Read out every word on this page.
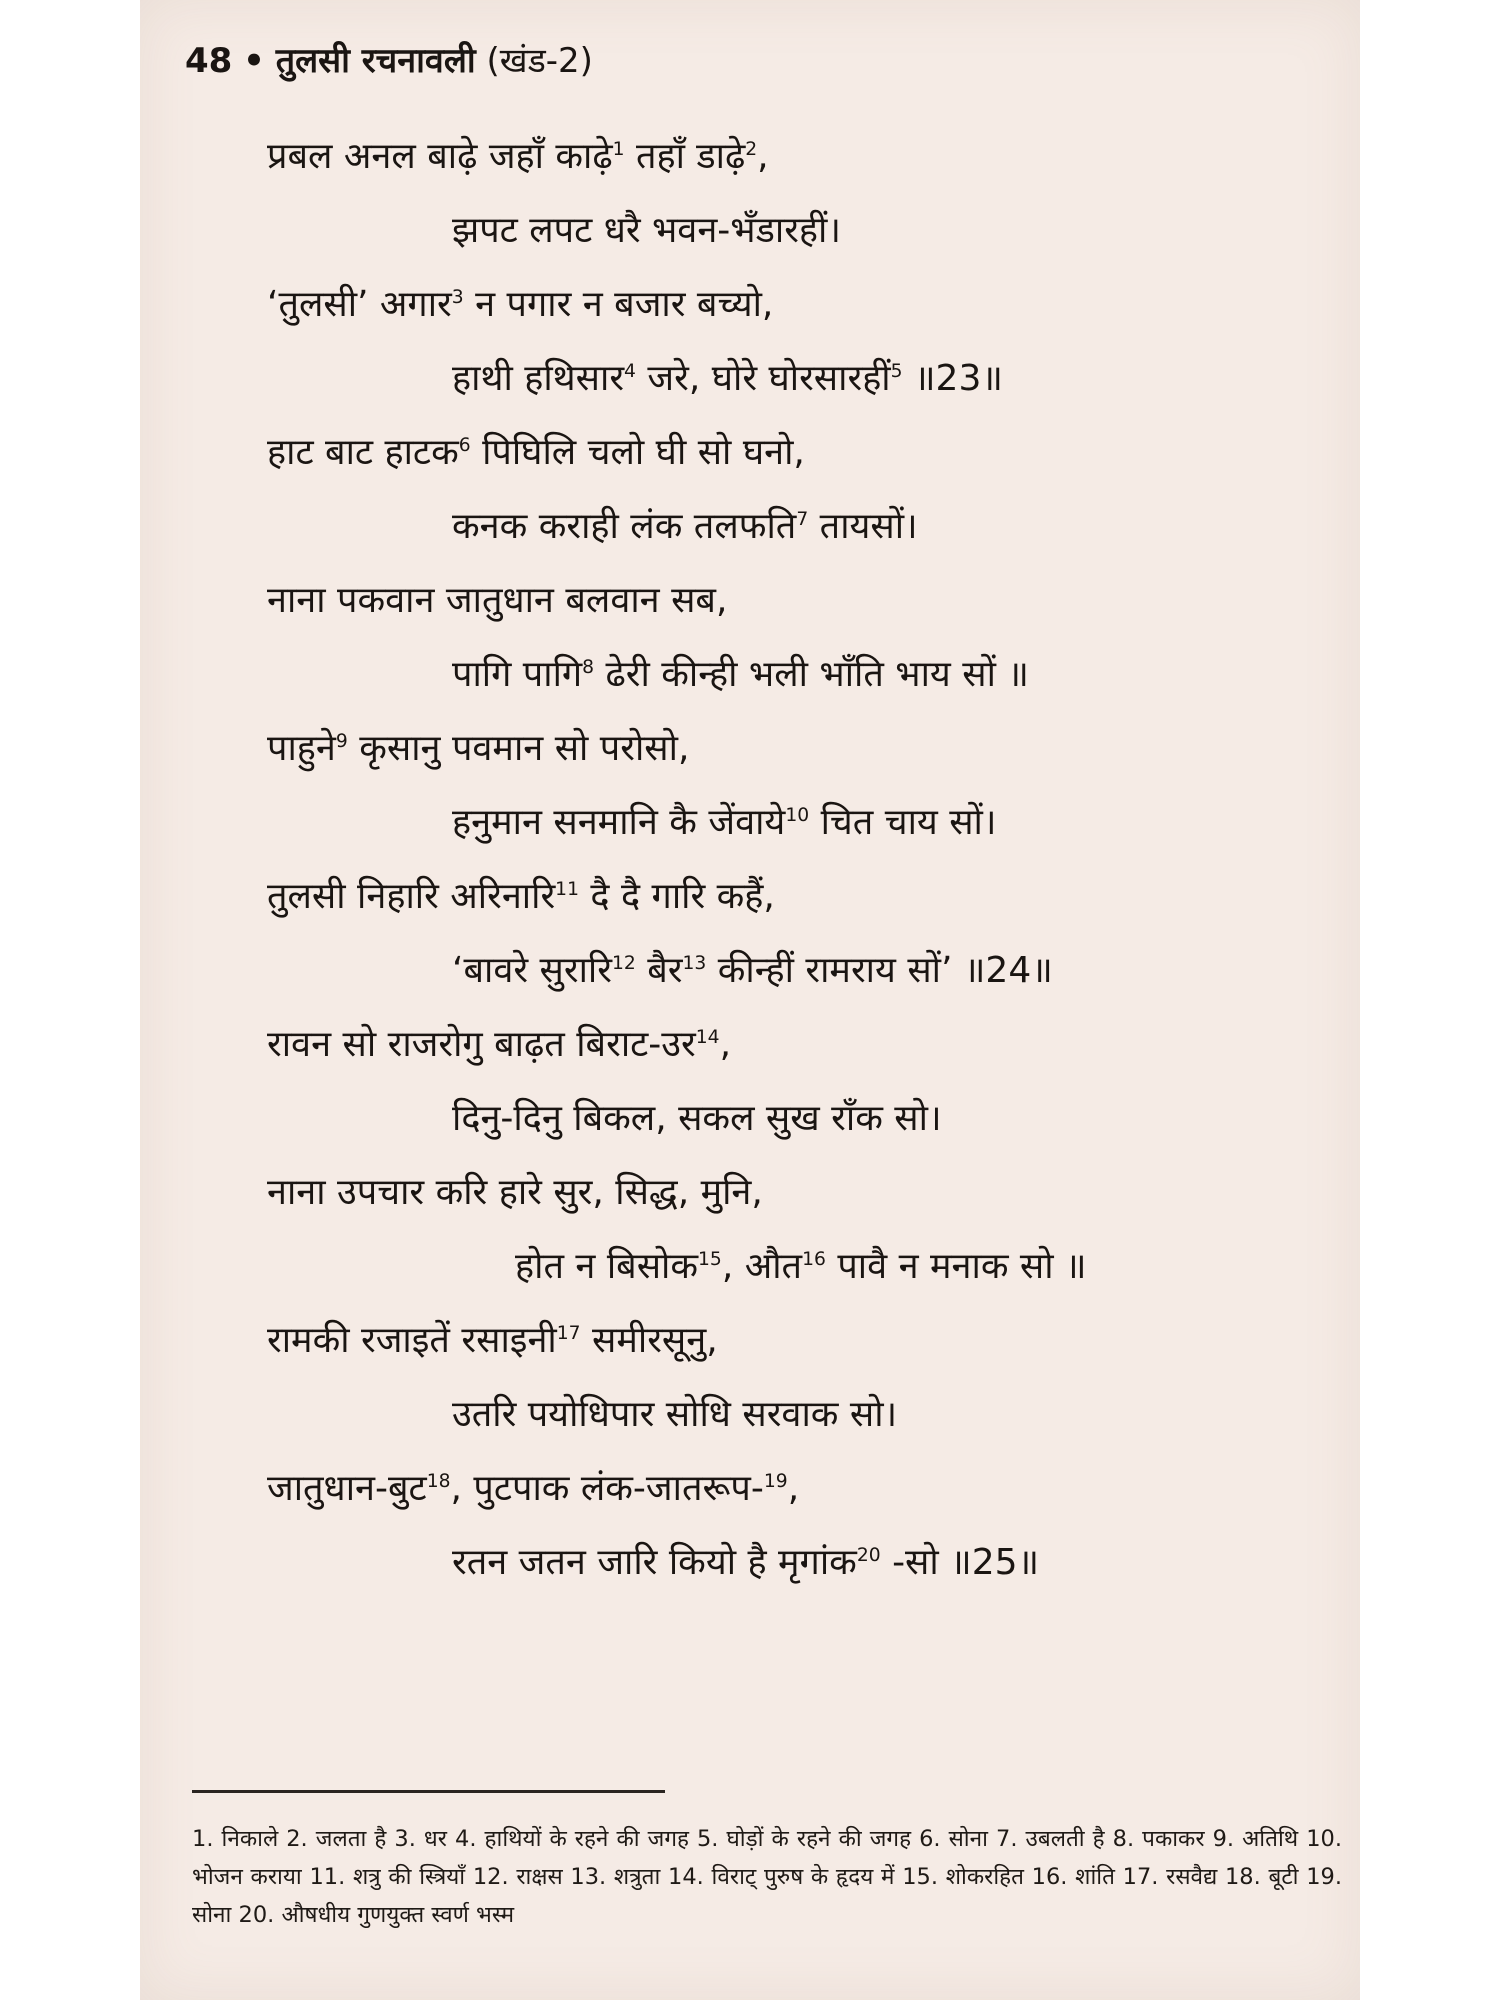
48 • तुलसी रचनावली (खंड-2)
प्रबल अनल बाढ़े जहाँ काढ़े$^1$ तहाँ डाढ़े$^2$,
झपट लपट धरै भवन-भँडारहीं।
‘तुलसी’ अगार$^3$ न पगार न बजार बच्यो,
हाथी हथिसार$^4$ जरे, घोरे घोरसारहीं$^5$ ॥23॥
हाट बाट हाटक$^6$ पिघिलि चलो घी सो घनो,
कनक कराही लंक तलफति$^7$ तायसों।
नाना पकवान जातुधान बलवान सब,
पागि पागि$^8$ ढेरी कीन्ही भली भाँति भाय सों ॥
पाहुने$^9$ कृसानु पवमान सो परोसो,
हनुमान सनमानि कै जेंवाये$^{10}$ चित चाय सों।
तुलसी निहारि अरिनारि$^{11}$ दै दै गारि कहैं,
‘बावरे सुरारि$^{12}$ बैर$^{13}$ कीन्हीं रामराय सों’ ॥24॥
रावन सो राजरोगु बाढ़त बिराट-उर$^{14}$,
दिनु-दिनु बिकल, सकल सुख राँक सो।
नाना उपचार करि हारे सुर, सिद्ध, मुनि,
होत न बिसोक$^{15}$, औत$^{16}$ पावै न मनाक सो ॥
रामकी रजाइतें रसाइनी$^{17}$ समीरसूनु,
उतरि पयोधिपार सोधि सरवाक सो।
जातुधान-बुट$^{18}$, पुटपाक लंक-जातरूप-$^{19}$,
रतन जतन जारि कियो है मृगांक$^{20}$ -सो ॥25॥
1. निकाले 2. जलता है 3. धर 4. हाथियों के रहने की जगह 5. घोड़ों के रहने की जगह 6. सोना 7. उबलती है 8. पकाकर 9. अतिथि 10. भोजन कराया 11. शत्रु की स्त्रियाँ 12. राक्षस 13. शत्रुता 14. विराट् पुरुष के हृदय में 15. शोकरहित 16. शांति 17. रसवैद्य 18. बूटी 19. सोना 20. औषधीय गुणयुक्त स्वर्ण भस्म
